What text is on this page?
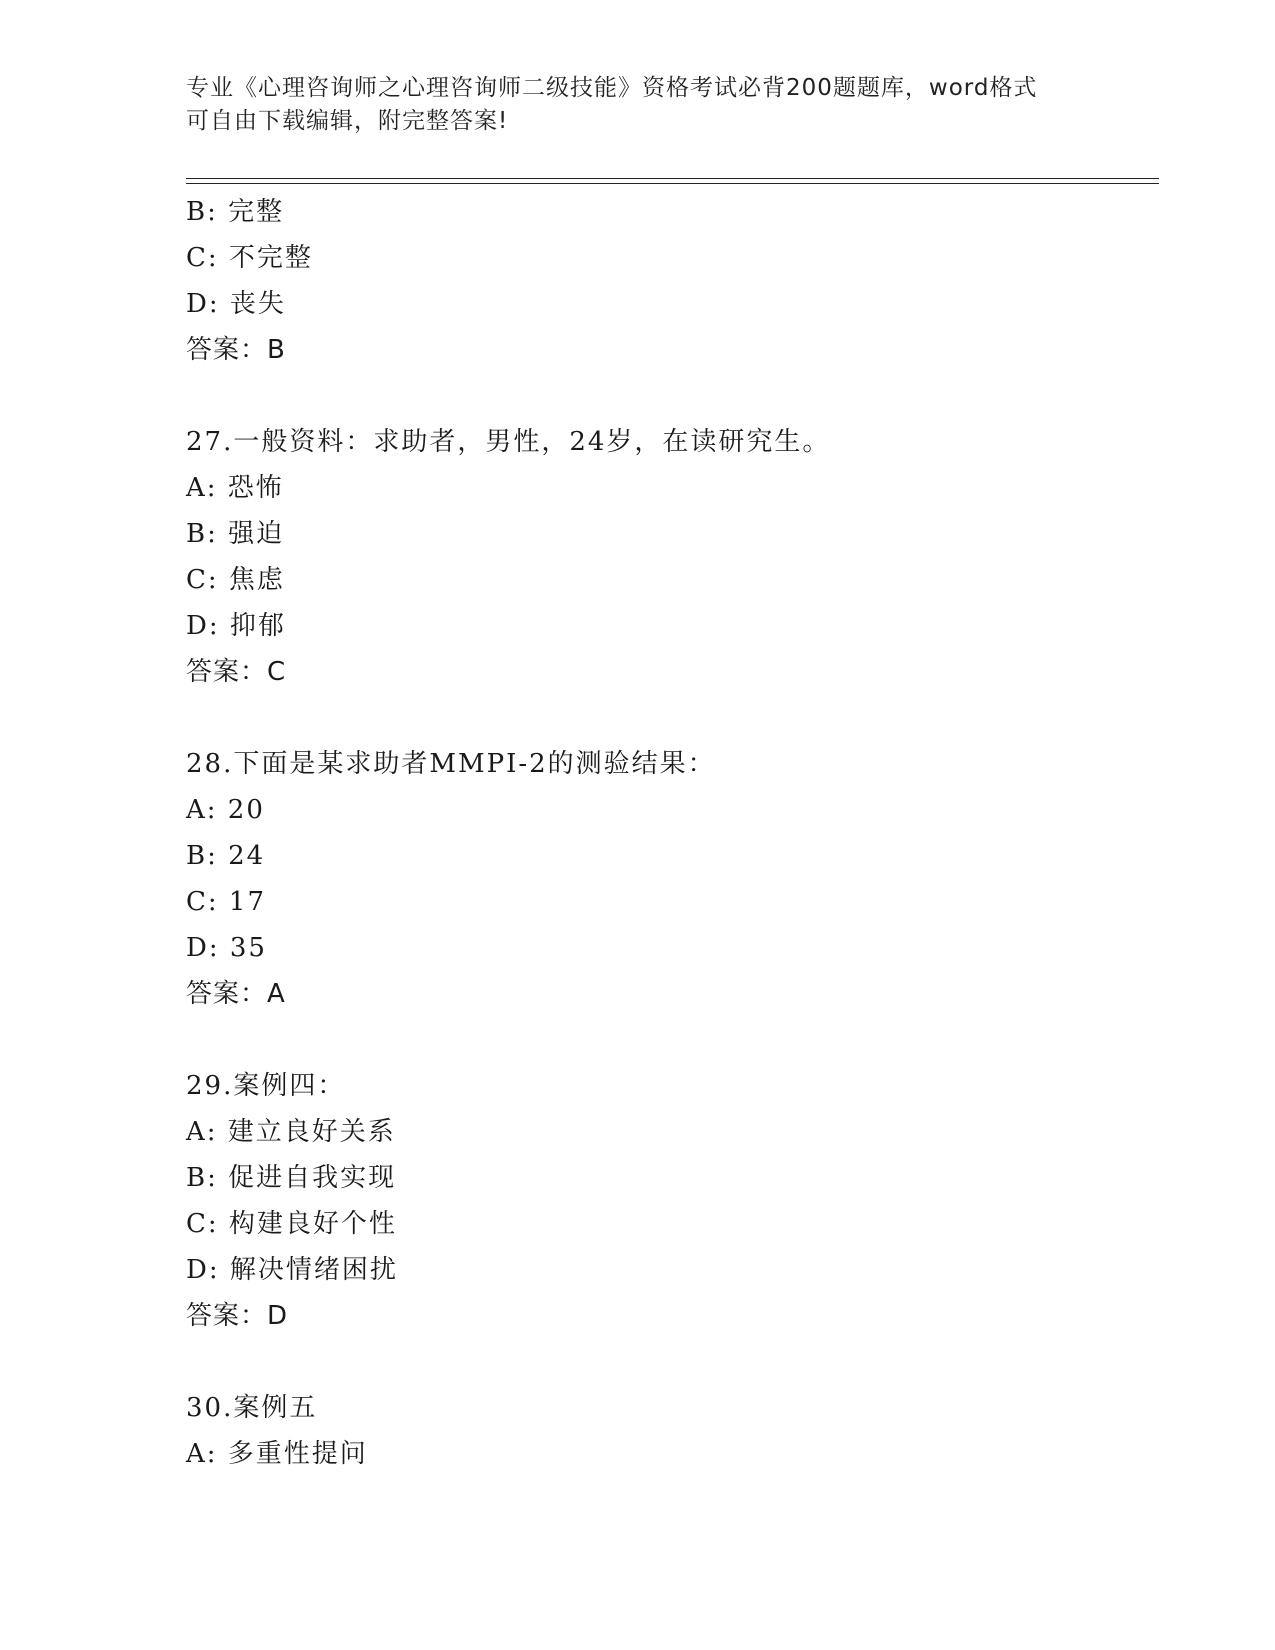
专业《心理咨询师之心理咨询师二级技能》资格考试必背200题题库，word格式
可自由下载编辑，附完整答案!
B: 完整
C: 不完整
D: 丧失
答案：B
27.一般资料：求助者，男性，24岁，在读研究生。
A: 恐怖
B: 强迫
C: 焦虑
D: 抑郁
答案：C
28.下面是某求助者MMPI-2的测验结果：
A: 20
B: 24
C: 17
D: 35
答案：A
29.案例四：
A: 建立良好关系
B: 促进自我实现
C: 构建良好个性
D: 解决情绪困扰
答案：D
30.案例五
A: 多重性提问
